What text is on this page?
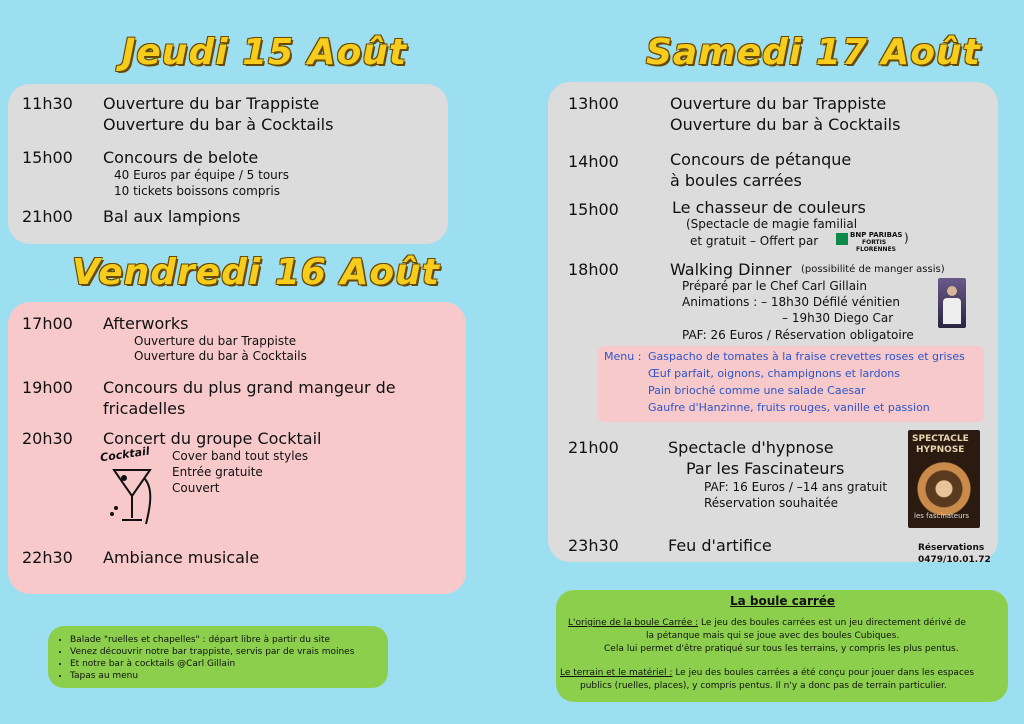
Jeudi 15 Août
11h30 Ouverture du bar Trappiste
Ouverture du bar à Cocktails
15h00 Concours de belote
40 Euros par équipe / 5 tours
10 tickets boissons compris
21h00 Bal aux lampions
Vendredi 16 Août
17h00 Afterworks
Ouverture du bar Trappiste
Ouverture du bar à Cocktails
19h00 Concours du plus grand mangeur de
fricadelles
20h30 Concert du groupe Cocktail
Cover band tout styles
Entrée gratuite
Couvert
Cocktail
22h30 Ambiance musicale
• Balade "ruelles et chapelles" : départ libre à partir du site
• Venez découvrir notre bar trappiste, servis par de vrais moines
• Et notre bar à cocktails @Carl Gillain
• Tapas au menu
Samedi 17 Août
13h00	Ouverture du bar Trappiste
Ouverture du bar à Cocktails
14h00	Concours de pétanque
à boules carrées
15h00	Le chasseur de couleurs
(Spectacle de magie familial
et gratuit – Offert par	BNP PARIBAS
FORTIS
FLORENNES
)
18h00	Walking Dinner (possibilité de manger assis)
Préparé par le Chef Carl Gillain
Animations : – 18h30 Défilé vénitien
– 19h30 Diego Car
PAF: 26 Euros / Réservation obligatoire
21h00	Spectacle d'hypnose
Par les Fascinateurs
PAF: 16 Euros / –14 ans gratuit
Réservation souhaitée
SPECTACLE
HYPNOSE
les fascinateurs
23h30	Feu d'artifice	Réservations
0479/10.01.72
Menu : Gaspacho de tomates à la fraise crevettes roses et grises
Œuf parfait, oignons, champignons et lardons
Pain brioché comme une salade Caesar
Gaufre d'Hanzinne, fruits rouges, vanille et passion
La boule carrée
L'origine de la boule Carrée : Le jeu des boules carrées est un jeu directement dérivé de
la pétanque mais qui se joue avec des boules Cubiques.
Cela lui permet d'être pratiqué sur tous les terrains, y compris les plus pentus.
Le terrain et le matériel : Le jeu des boules carrées a été conçu pour jouer dans les espaces
publics (ruelles, places), y compris pentus. Il n'y a donc pas de terrain particulier.
